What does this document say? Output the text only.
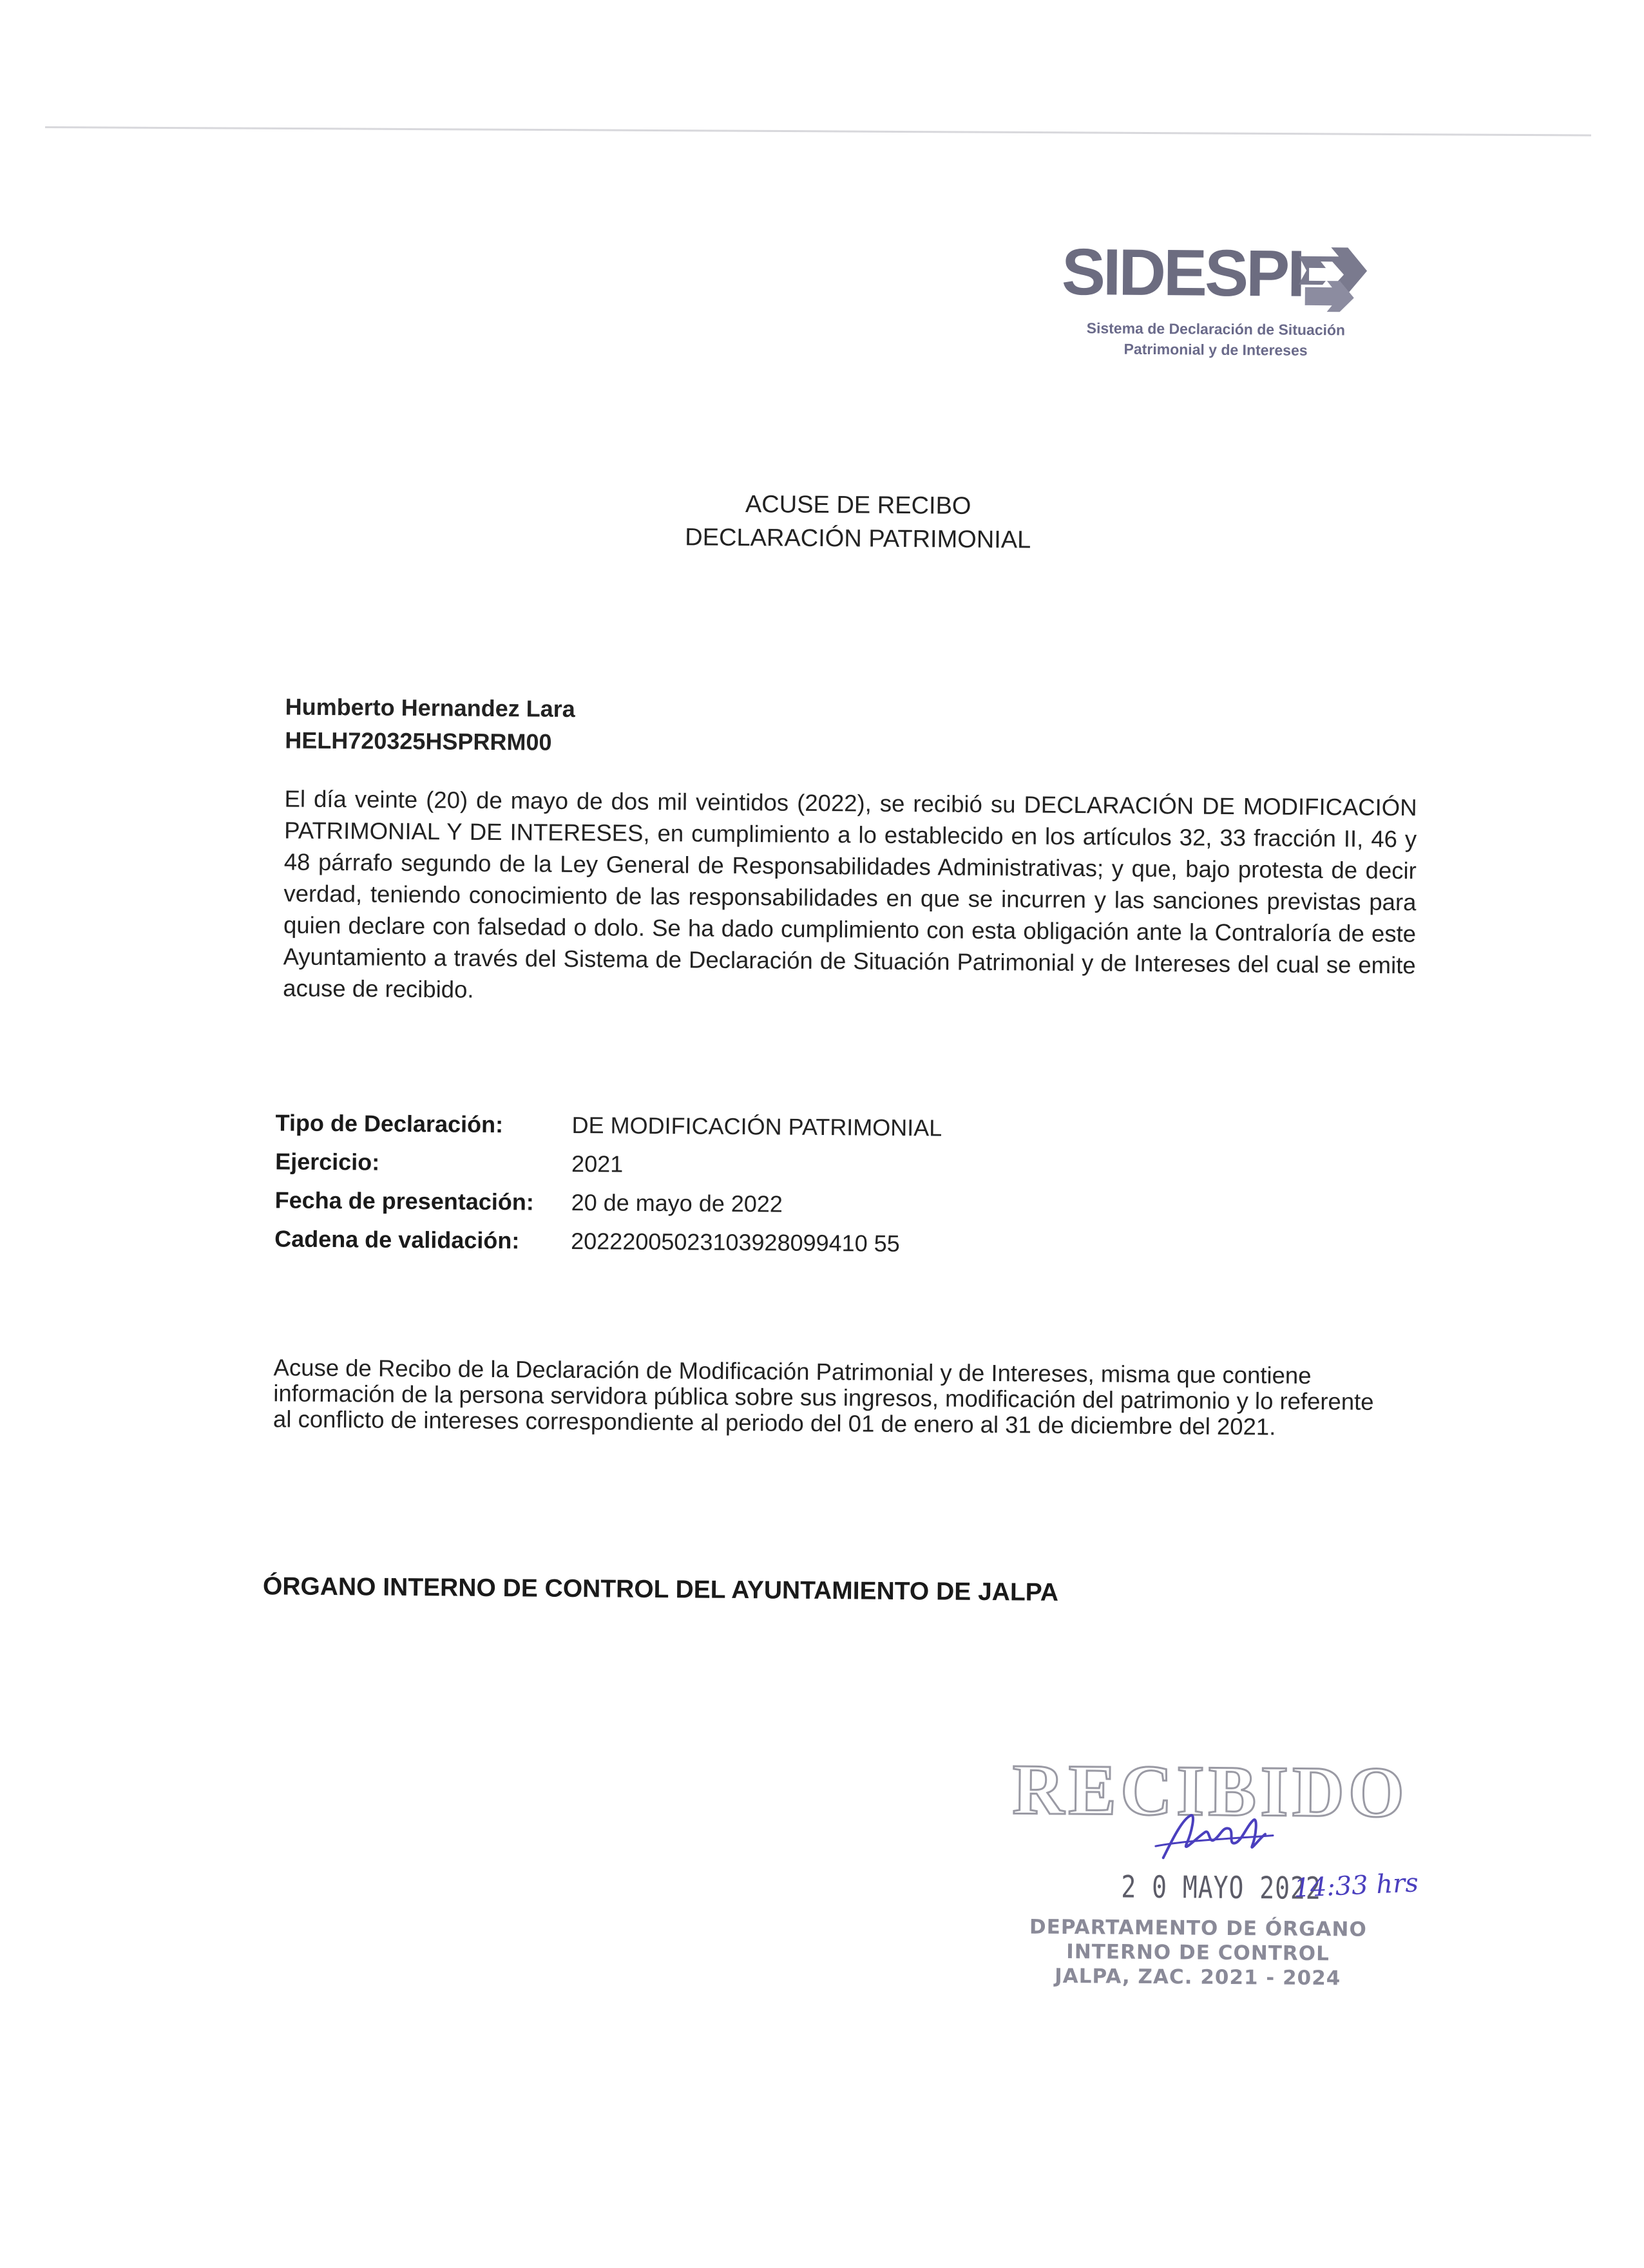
SIDESPI
Sistema de Declaración de Situación
Patrimonial y de Intereses
ACUSE DE RECIBO
DECLARACIÓN PATRIMONIAL
Humberto Hernandez Lara
HELH720325HSPRRM00
El día veinte (20) de mayo de dos mil veintidos (2022), se recibió su DECLARACIÓN DE MODIFICACIÓN PATRIMONIAL Y DE INTERESES, en cumplimiento a lo establecido en los artículos 32, 33 fracción II, 46 y 48 párrafo segundo de la Ley General de Responsabilidades Administrativas; y que, bajo protesta de decir verdad, teniendo conocimiento de las responsabilidades en que se incurren y las sanciones previstas para quien declare con falsedad o dolo. Se ha dado cumplimiento con esta obligación ante la Contraloría de este Ayuntamiento a través del Sistema de Declaración de Situación Patrimonial y de Intereses del cual se emite acuse de recibido.
Tipo de Declaración:	DE MODIFICACIÓN PATRIMONIAL
Ejercicio:	2021
Fecha de presentación:	20 de mayo de 2022
Cadena de validación:	20222005023103928099410 55
Acuse de Recibo de la Declaración de Modificación Patrimonial y de Intereses, misma que contiene información de la persona servidora pública sobre sus ingresos, modificación del patrimonio y lo referente al conflicto de intereses correspondiente al periodo del 01 de enero al 31 de diciembre del 2021.
ÓRGANO INTERNO DE CONTROL DEL AYUNTAMIENTO DE JALPA
RECIBIDO
2 0 MAYO 2022
14:33 hrs
DEPARTAMENTO DE ÓRGANO
INTERNO DE CONTROL
JALPA, ZAC. 2021 - 2024
